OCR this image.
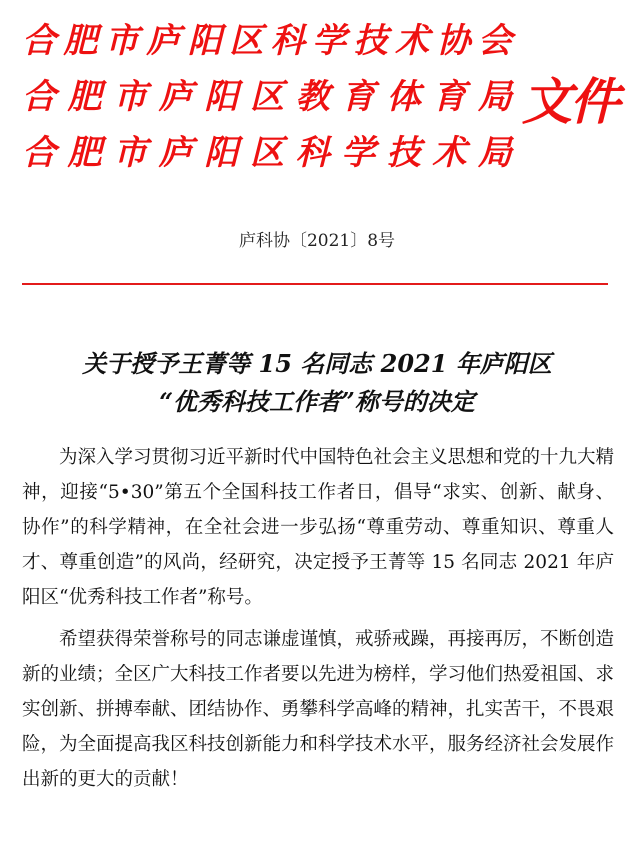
合 肥 市 庐 阳 区 科 学 技 术 协 会
合 肥 市 庐 阳 区 教 育 体 育 局
合 肥 市 庐 阳 区 科 学 技 术 局
文件
庐科协〔2021〕8号
关于授予王菁等 15 名同志 2021 年庐阳区
“优秀科技工作者”称号的决定

为深入学习贯彻习近平新时代中国特色社会主义思想和党的十九大精神，迎接“5•30”第五个全国科技工作者日，倡导“求实、创新、献身、协作”的科学精神，在全社会进一步弘扬“尊重劳动、尊重知识、尊重人才、尊重创造”的风尚，经研究，决定授予王菁等 15 名同志 2021 年庐阳区“优秀科技工作者”称号。

希望获得荣誉称号的同志谦虚谨慎，戒骄戒躁，再接再厉，不断创造新的业绩；全区广大科技工作者要以先进为榜样，学习他们热爱祖国、求实创新、拼搏奉献、团结协作、勇攀科学高峰的精神，扎实苦干，不畏艰险，为全面提高我区科技创新能力和科学技术水平，服务经济社会发展作出新的更大的贡献！
